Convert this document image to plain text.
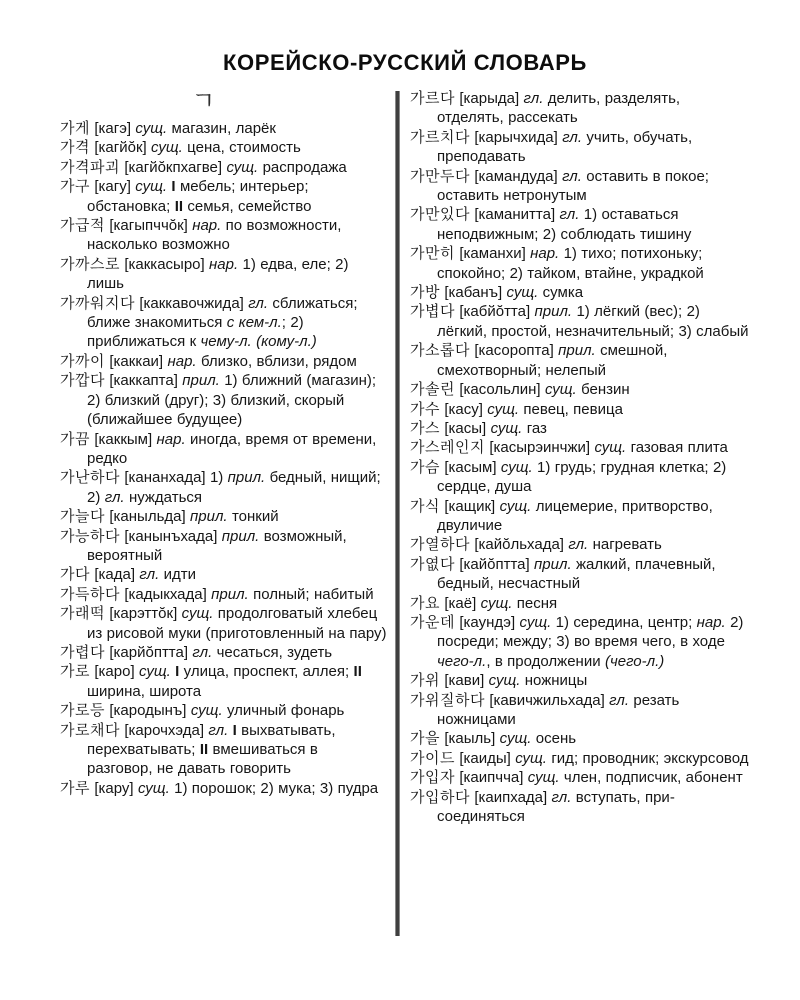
КОРЕЙСКО-РУССКИЙ СЛОВАРЬ
ㄱ

가게 [кагэ] сущ. магазин, ларёк

가격 [кагйŏк] сущ. цена, стоимость

가격파괴 [кагйŏкпхагве] сущ. распродажа

가구 [кагу] сущ. I мебель; интерьер; обстановка; II семья, семейство

가급적 [кагыпччŏк] нар. по возможности, насколько возможно

가까스로 [каккасыро] нар. 1) едва, еле; 2) лишь

가까워지다 [каккавочжида] гл. сближаться; ближе знакомиться с кем-л.; 2) приближаться к чему-л. (кому-л.)

가까이 [каккаи] нар. близко, вблизи, рядом

가깝다 [каккапта] прил. 1) ближний (магазин); 2) близкий (друг); 3) близкий, скорый (ближайшее будущее)

가끔 [каккым] нар. иногда, время от времени, редко

가난하다 [кананхада] 1) прил. бедный, нищий; 2) гл. нуждаться

가늘다 [каныльда] прил. тонкий

가능하다 [канынъхада] прил. возможный, вероятный

가다 [када] гл. идти

가득하다 [кадыкхада] прил. полный; набитый

가래떡 [карэттŏк] сущ. продолговатый хлебец из рисовой муки (приготовленный на пару)

가렵다 [карйŏптта] гл. чесаться, зудеть

가로 [каро] сущ. I улица, проспект, аллея; II ширина, широта

가로등 [кародынъ] сущ. уличный фонарь

가로채다 [карочхэда] гл. I выхватывать, перехватывать; II вмешиваться в разговор, не давать говорить

가루 [кару] сущ. 1) порошок; 2) мука; 3) пудра

가르다 [карыда] гл. делить, разделять, отделять, рассекать

가르치다 [карычхида] гл. учить, обучать, преподавать

가만두다 [камандуда] гл. оставить в покое; оставить нетронутым

가만있다 [каманитта] гл. 1) оставаться неподвижным; 2) соблюдать тишину

가만히 [каманхи] нар. 1) тихо; потихоньку; спокойно; 2) тайком, втайне, украдкой

가방 [кабанъ] сущ. сумка

가볍다 [кабйŏтта] прил. 1) лёгкий (вес); 2) лёгкий, простой, незначительный; 3) слабый

가소롭다 [касоропта] прил. смешной, смехотворный; нелепый

가솔린 [касольлин] сущ. бензин

가수 [касу] сущ. певец, певица

가스 [касы] сущ. газ

가스레인지 [касырэинчжи] сущ. газовая плита

가슴 [касым] сущ. 1) грудь; грудная клетка; 2) сердце, душа

가식 [кащик] сущ. лицемерие, притворство, двуличие

가열하다 [кайŏльхада] гл. нагревать

가엾다 [кайŏптта] прил. жалкий, плачевный, бедный, несчастный

가요 [каё] сущ. песня

가운데 [каундэ] сущ. 1) середина, центр; нар. 2) посреди; между; 3) во время чего, в ходе чего-л., в продолжении (чего-л.)

가위 [кави] сущ. ножницы

가위질하다 [кавичжильхада] гл. резать ножницами

가을 [каыль] сущ. осень

가이드 [каиды] сущ. гид; проводник; экскурсовод

가입자 [каипчча] сущ. член, подписчик, абонент

가입하다 [каипхада] гл. вступать, присоединяться
